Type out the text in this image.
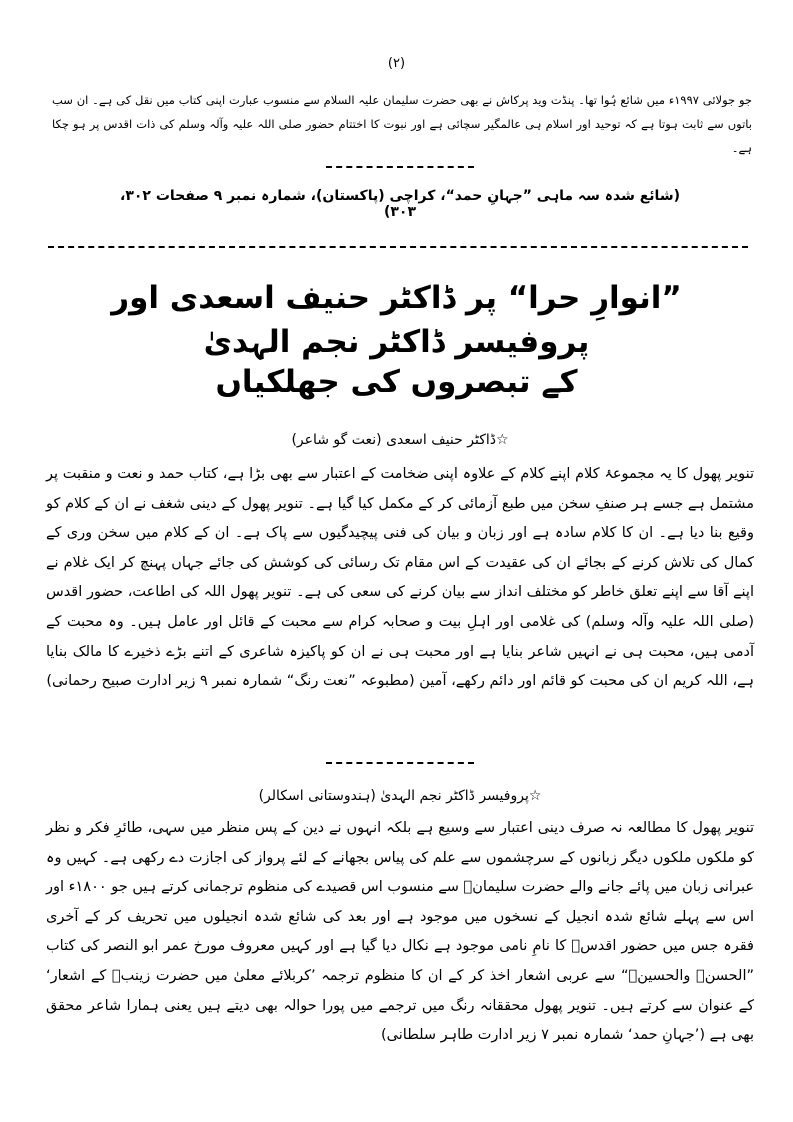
(۲)
جو جولائی ۱۹۹۷ء میں شائع ہُوا تھا۔ پنڈت وید پرکاش نے بھی حضرت سلیمان علیہ السلام سے منسوب عبارت اپنی کتاب میں نقل کی ہے۔ ان سب باتوں سے ثابت ہوتا ہے کہ توحید اور اسلام ہی عالمگیر سچائی ہے اور نبوت کا اختتام حضور صلی اللہ علیہ وآلہ وسلم کی ذات اقدس پر ہو چکا ہے۔
(شائع شدہ سہ ماہی ”جہانِ حمد“، کراچی (پاکستان)، شمارہ نمبر ۹ صفحات ۳۰۲، ۳۰۳)
”انوارِ حرا“ پر ڈاکٹر حنیف اسعدی اور پروفیسر ڈاکٹر نجم الہدیٰ
کے تبصروں کی جھلکیاں
☆ڈاکٹر حنیف اسعدی (نعت گو شاعر)
تنویر پھول کا یہ مجموعۂ کلام اپنے کلام کے علاوہ اپنی ضخامت کے اعتبار سے بھی بڑا ہے، کتاب حمد و نعت و منقبت پر مشتمل ہے جسے ہر صنفِ سخن میں طبع آزمائی کر کے مکمل کیا گیا ہے۔ تنویر پھول کے دینی شغف نے ان کے کلام کو وقیع بنا دیا ہے۔ ان کا کلام سادہ ہے اور زبان و بیان کی فنی پیچیدگیوں سے پاک ہے۔ ان کے کلام میں سخن وری کے کمال کی تلاش کرنے کے بجائے ان کی عقیدت کے اس مقام تک رسائی کی کوشش کی جائے جہاں پہنچ کر ایک غلام نے اپنے آقا سے اپنے تعلق خاطر کو مختلف انداز سے بیان کرنے کی سعی کی ہے۔ تنویر پھول اللہ کی اطاعت، حضور اقدس (صلی اللہ علیہ وآلہ وسلم) کی غلامی اور اہلِ بیت و صحابہ کرام سے محبت کے قائل اور عامل ہیں۔ وہ محبت کے آدمی ہیں، محبت ہی نے انہیں شاعر بنایا ہے اور محبت ہی نے ان کو پاکیزہ شاعری کے اتنے بڑے ذخیرے کا مالک بنایا ہے، اللہ کریم ان کی محبت کو قائم اور دائم رکھے، آمین (مطبوعہ ”نعت رنگ“ شمارہ نمبر ۹ زیر ادارت صبیح رحمانی)
☆پروفیسر ڈاکٹر نجم الہدیٰ (ہندوستانی اسکالر)
تنویر پھول کا مطالعہ نہ صرف دینی اعتبار سے وسیع ہے بلکہ انہوں نے دین کے پس منظر میں سہی، طائرِ فکر و نظر کو ملکوں ملکوں دیگر زبانوں کے سرچشموں سے علم کی پیاس بجھانے کے لئے پرواز کی اجازت دے رکھی ہے۔ کہیں وہ عبرانی زبان میں پائے جانے والے حضرت سلیمانؑ سے منسوب اس قصیدے کی منظوم ترجمانی کرتے ہیں جو ۱۸۰۰ء اور اس سے پہلے شائع شدہ انجیل کے نسخوں میں موجود ہے اور بعد کی شائع شدہ انجیلوں میں تحریف کر کے آخری فقرہ جس میں حضور اقدسؐ کا نامِ نامی موجود ہے نکال دیا گیا ہے اور کہیں معروف مورخ عمر ابو النصر کی کتاب ”الحسنؓ والحسینؓ“ سے عربی اشعار اخذ کر کے ان کا منظوم ترجمہ ’کربلائے معلیٰ میں حضرت زینبؓ کے اشعار‘ کے عنوان سے کرتے ہیں۔ تنویر پھول محققانہ رنگ میں ترجمے میں پورا حوالہ بھی دیتے ہیں یعنی ہمارا شاعر محقق بھی ہے (’جہانِ حمد‘ شمارہ نمبر ۷ زیر ادارت طاہر سلطانی)
